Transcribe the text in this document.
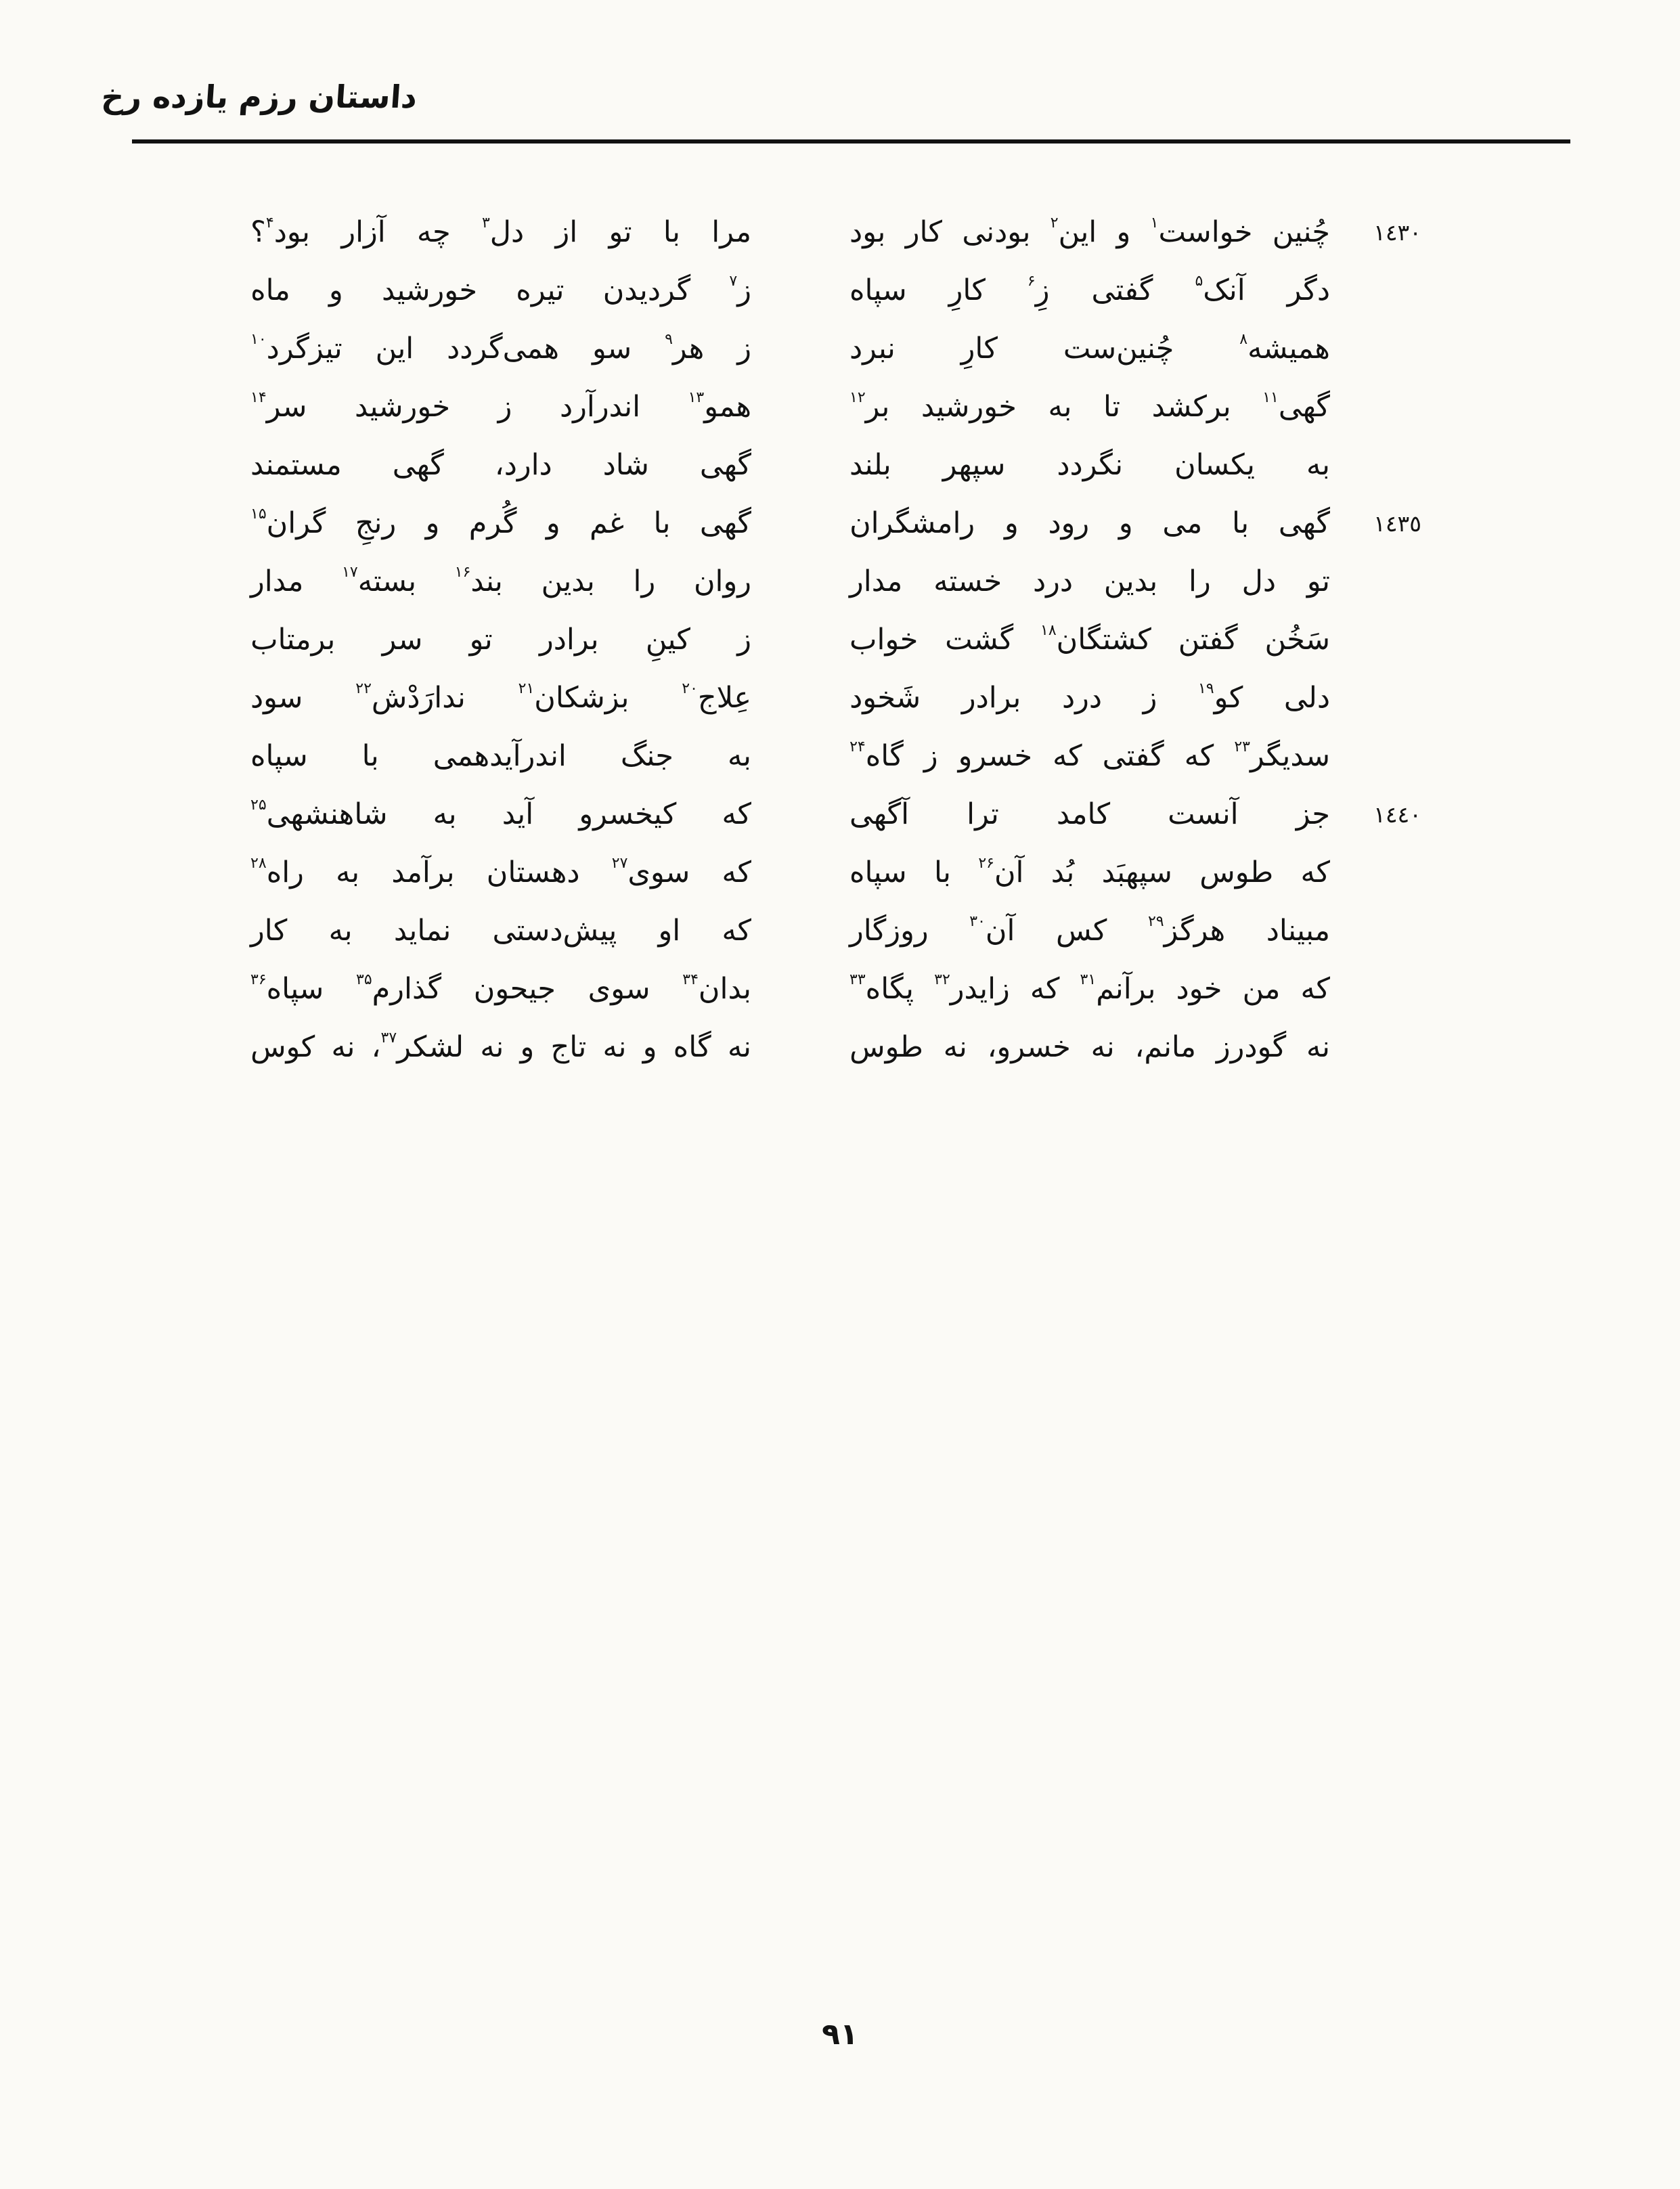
داستان رزم یازده رخ
١٤٣٠
چُنین
خواست$^۱$
و
این$^۲$
بودنی
کار
بود
مرا
با
تو
از
دل$^۳$
چه
آزار
بود$^۴$؟
دگر
آنک$^۵$
گفتی
زِ$^۶$
کارِ
سپاه
ز$^۷$
گردیدن
تیره
خورشید
و
ماه
همیشه$^۸$
چُنین‌ست
کارِ
نبرد
ز
هر$^۹$
سو
همی‌گردد
این
تیزگرد$^{۱۰}$
گهی$^{۱۱}$
برکشد
تا
به
خورشید
بر$^{۱۲}$
همو$^{۱۳}$
اندرآرد
ز
خورشید
سر$^{۱۴}$
به
یکسان
نگردد
سپهر
بلند
گهی
شاد
دارد،
گهی
مستمند
١٤٣٥
گهی
با
می
و
رود
و
رامشگران
گهی
با
غم
و
گُرم
و
رنجِ
گران$^{۱۵}$
تو
دل
را
بدین
درد
خسته
مدار
روان
را
بدین
بند$^{۱۶}$
بسته$^{۱۷}$
مدار
سَخُن
گفتن
کشتگان$^{۱۸}$
گشت
خواب
ز
کینِ
برادر
تو
سر
برمتاب
دلی
کو$^{۱۹}$
ز
درد
برادر
شَخود
عِلاج$^{۲۰}$
بزشکان$^{۲۱}$
ندارَدْش$^{۲۲}$
سود
سدیگر$^{۲۳}$
که
گفتی
که
خسرو
ز
گاه$^{۲۴}$
به
جنگ
اندرآیدهمی
با
سپاه
١٤٤٠
جز
آنست
کامد
ترا
آگهی
که
کیخسرو
آید
به
شاهنشهی$^{۲۵}$
که
طوس
سپهبَد
بُد
آن$^{۲۶}$
با
سپاه
که
سوی$^{۲۷}$
دهستان
برآمد
به
راه$^{۲۸}$
مبیناد
هرگز$^{۲۹}$
کس
آن$^{۳۰}$
روزگار
که
او
پیش‌دستی
نماید
به
کار
که
من
خود
برآنم$^{۳۱}$
که
زایدر$^{۳۲}$
پگاه$^{۳۳}$
بدان$^{۳۴}$
سوی
جیحون
گذارم$^{۳۵}$
سپاه$^{۳۶}$
نه
گودرز
مانم،
نه
خسرو،
نه
طوس
نه
گاه
و
نه
تاج
و
نه
لشکر$^{۳۷}$،
نه
کوس
۹۱
